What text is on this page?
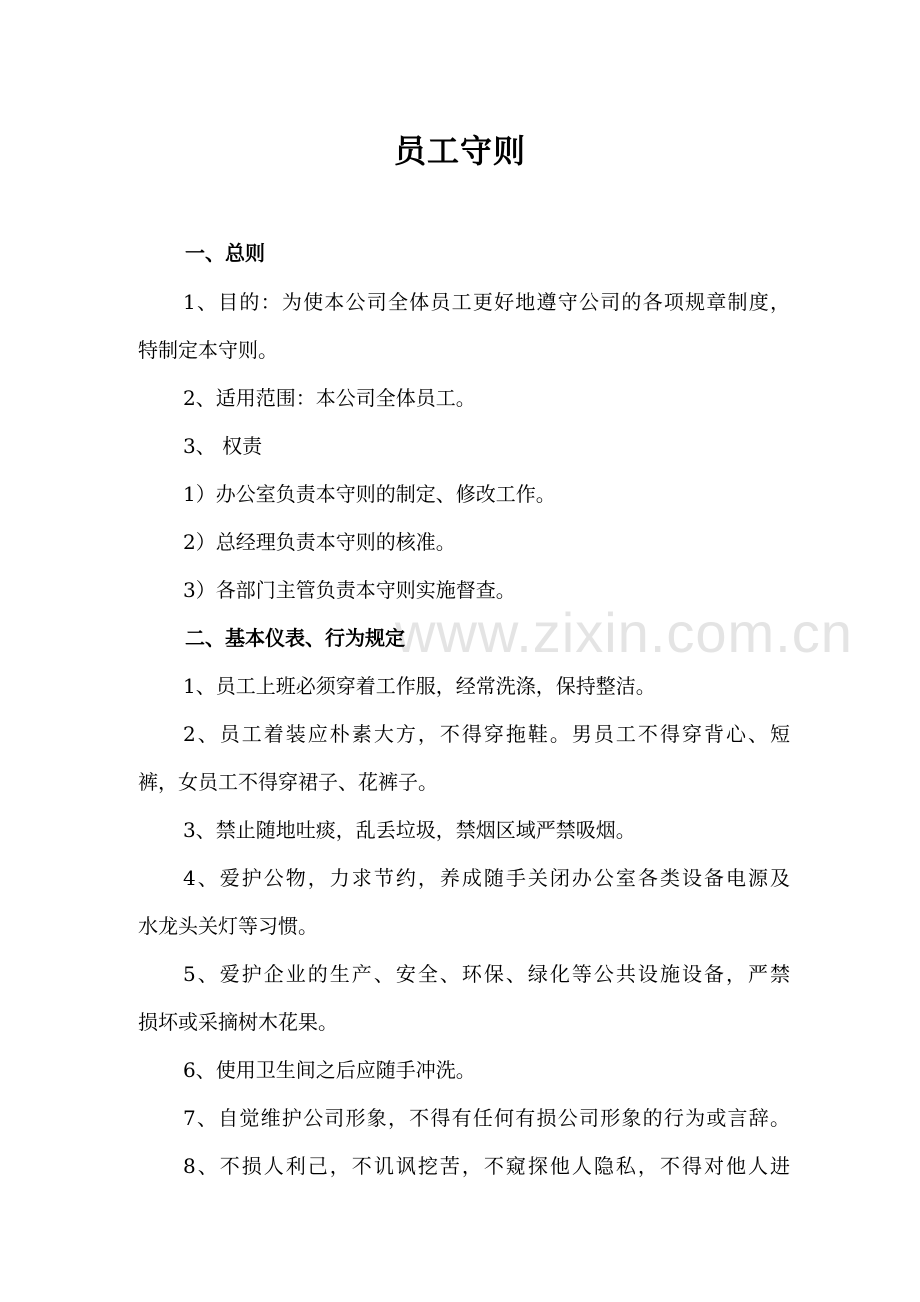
www.zixin.com.cn
员工守则
一、总则
1、目的：为使本公司全体员工更好地遵守公司的各项规章制度，
特制定本守则。
2、适用范围：本公司全体员工。
3、 权责
1）办公室负责本守则的制定、修改工作。
2）总经理负责本守则的核准。
3）各部门主管负责本守则实施督查。
二、基本仪表、行为规定
1、员工上班必须穿着工作服，经常洗涤，保持整洁。
2、员工着装应朴素大方，不得穿拖鞋。男员工不得穿背心、短
裤，女员工不得穿裙子、花裤子。
3、禁止随地吐痰，乱丢垃圾，禁烟区域严禁吸烟。
4、爱护公物，力求节约，养成随手关闭办公室各类设备电源及
水龙头关灯等习惯。
5、爱护企业的生产、安全、环保、绿化等公共设施设备，严禁
损坏或采摘树木花果。
6、使用卫生间之后应随手冲洗。
7、自觉维护公司形象，不得有任何有损公司形象的行为或言辞。
8、不损人利己，不讥讽挖苦，不窥探他人隐私，不得对他人进
